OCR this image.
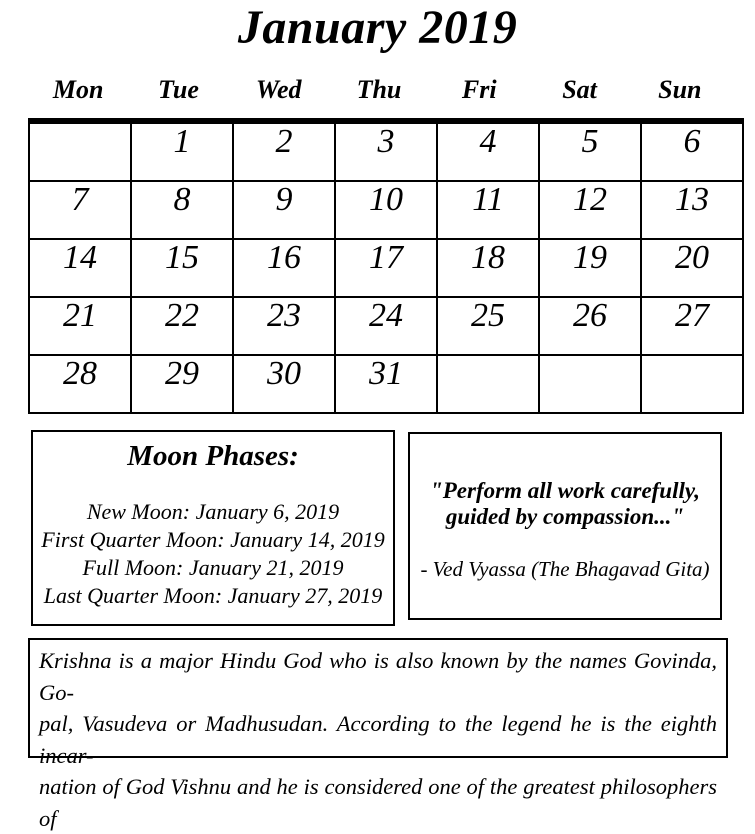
January 2019
Mon	Tue	Wed	Thu	Fri	Sat	Sun
	1	2	3	4	5	6
7	8	9	10	11	12	13
14	15	16	17	18	19	20
21	22	23	24	25	26	27
28	29	30	31			
Moon Phases:
New Moon: January 6, 2019
First Quarter Moon: January 14, 2019
Full Moon: January 21, 2019
Last Quarter Moon: January 27, 2019
"Perform all work carefully,
guided by compassion..."
- Ved Vyassa (The Bhagavad Gita)
Krishna is a major Hindu God who is also known by the names Govinda, Go-
pal, Vasudeva or Madhusudan. According to the legend he is the eighth incar-
nation of God Vishnu and he is considered one of the greatest philosophers of
